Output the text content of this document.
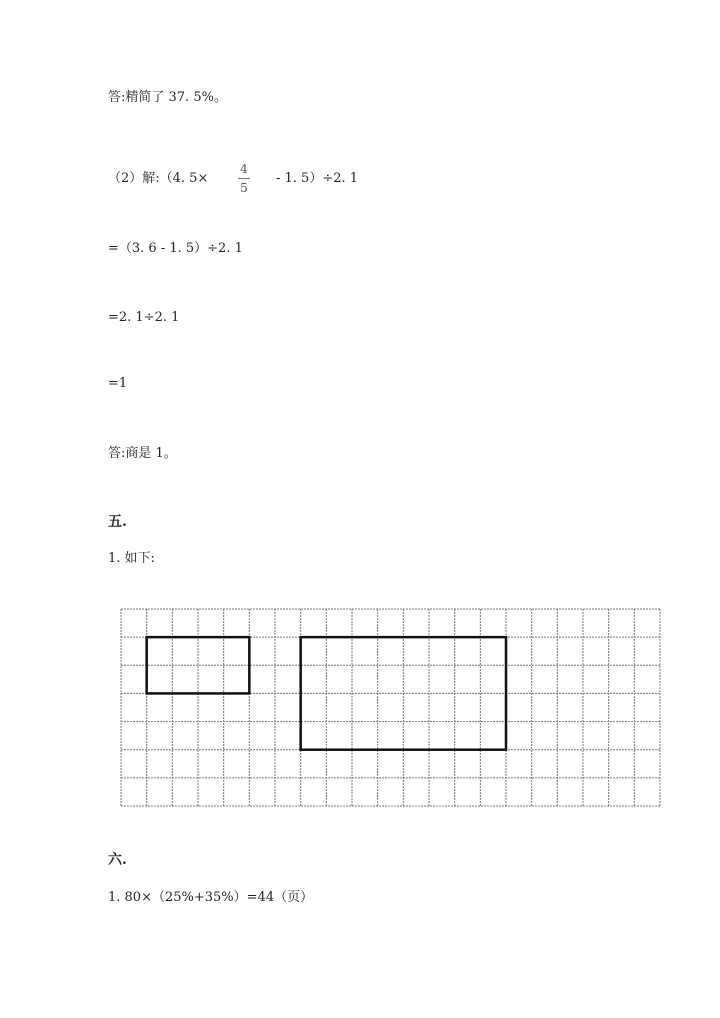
答:精简了 37. 5%。
（2）解:（4. 5×
4
5
- 1. 5）÷2. 1
=（3. 6 - 1. 5）÷2. 1
=2. 1÷2. 1
=1
答:商是 1。
五.
1. 如下:
六.
1. 80×（25%+35%）=44（页）
